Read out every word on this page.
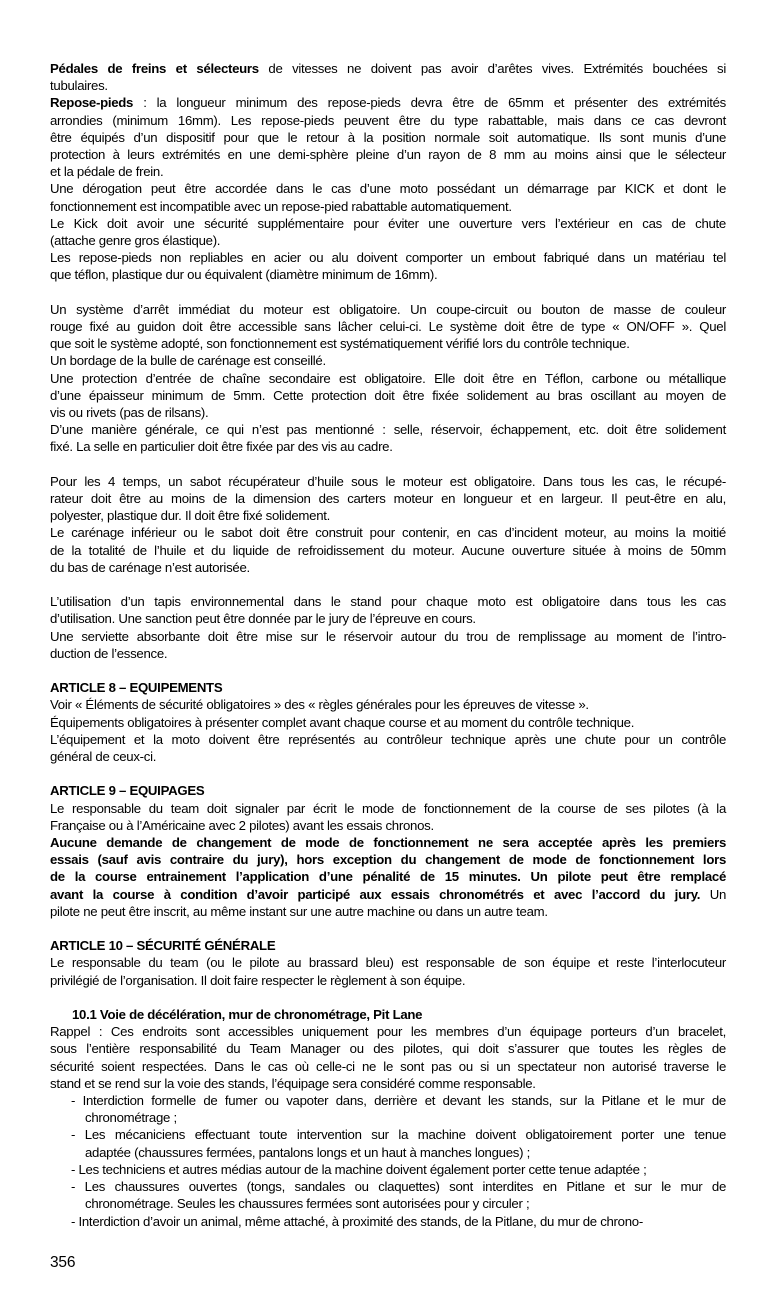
Pédales de freins et sélecteurs de vitesses ne doivent pas avoir d’arêtes vives. Extrémités bouchées si
tubulaires.
Repose-pieds : la longueur minimum des repose-pieds devra être de 65mm et présenter des extrémités
arrondies (minimum 16mm). Les repose-pieds peuvent être du type rabattable, mais dans ce cas devront
être équipés d’un dispositif pour que le retour à la position normale soit automatique. Ils sont munis d’une
protection à leurs extrémités en une demi-sphère pleine d’un rayon de 8 mm au moins ainsi que le sélecteur
et la pédale de frein.
Une dérogation peut être accordée dans le cas d’une moto possédant un démarrage par KICK et dont le
fonctionnement est incompatible avec un repose-pied rabattable automatiquement.
Le Kick doit avoir une sécurité supplémentaire pour éviter une ouverture vers l’extérieur en cas de chute
(attache genre gros élastique).
Les repose-pieds non repliables en acier ou alu doivent comporter un embout fabriqué dans un matériau tel
que téflon, plastique dur ou équivalent (diamètre minimum de 16mm).
Un système d’arrêt immédiat du moteur est obligatoire. Un coupe-circuit ou bouton de masse de couleur
rouge fixé au guidon doit être accessible sans lâcher celui-ci. Le système doit être de type « ON/OFF ». Quel
que soit le système adopté, son fonctionnement est systématiquement vérifié lors du contrôle technique.
Un bordage de la bulle de carénage est conseillé.
Une protection d’entrée de chaîne secondaire est obligatoire. Elle doit être en Téflon, carbone ou métallique
d’une épaisseur minimum de 5mm. Cette protection doit être fixée solidement au bras oscillant au moyen de
vis ou rivets (pas de rilsans).
D’une manière générale, ce qui n’est pas mentionné : selle, réservoir, échappement, etc. doit être solidement
fixé. La selle en particulier doit être fixée par des vis au cadre.
Pour les 4 temps, un sabot récupérateur d’huile sous le moteur est obligatoire. Dans tous les cas, le récupé-
rateur doit être au moins de la dimension des carters moteur en longueur et en largeur. Il peut-être en alu,
polyester, plastique dur. Il doit être fixé solidement.
Le carénage inférieur ou le sabot doit être construit pour contenir, en cas d’incident moteur, au moins la moitié
de la totalité de l’huile et du liquide de refroidissement du moteur. Aucune ouverture située à moins de 50mm
du bas de carénage n’est autorisée.
L’utilisation d’un tapis environnemental dans le stand pour chaque moto est obligatoire dans tous les cas
d’utilisation. Une sanction peut être donnée par le jury de l’épreuve en cours.
Une serviette absorbante doit être mise sur le réservoir autour du trou de remplissage au moment de l’intro-
duction de l’essence.
ARTICLE 8 – EQUIPEMENTS
Voir « Éléments de sécurité obligatoires » des « règles générales pour les épreuves de vitesse ».
Équipements obligatoires à présenter complet avant chaque course et au moment du contrôle technique.
L’équipement et la moto doivent être représentés au contrôleur technique après une chute pour un contrôle
général de ceux-ci.
ARTICLE 9 – EQUIPAGES
Le responsable du team doit signaler par écrit le mode de fonctionnement de la course de ses pilotes (à la
Française ou à l’Américaine avec 2 pilotes) avant les essais chronos.
Aucune demande de changement de mode de fonctionnement ne sera acceptée après les premiers
essais (sauf avis contraire du jury), hors exception du changement de mode de fonctionnement lors
de la course entrainement l’application d’une pénalité de 15 minutes. Un pilote peut être remplacé
avant la course à condition d’avoir participé aux essais chronométrés et avec l’accord du jury. Un
pilote ne peut être inscrit, au même instant sur une autre machine ou dans un autre team.
ARTICLE 10 – SÉCURITÉ GÉNÉRALE
Le responsable du team (ou le pilote au brassard bleu) est responsable de son équipe et reste l’interlocuteur
privilégié de l’organisation. Il doit faire respecter le règlement à son équipe.
10.1 Voie de décélération, mur de chronométrage, Pit Lane
Rappel : Ces endroits sont accessibles uniquement pour les membres d’un équipage porteurs d’un bracelet,
sous l’entière responsabilité du Team Manager ou des pilotes, qui doit s’assurer que toutes les règles de
sécurité soient respectées. Dans le cas où celle-ci ne le sont pas ou si un spectateur non autorisé traverse le
stand et se rend sur la voie des stands, l’équipage sera considéré comme responsable.
- Interdiction formelle de fumer ou vapoter dans, derrière et devant les stands, sur la Pitlane et le mur de
chronométrage ;
- Les mécaniciens effectuant toute intervention sur la machine doivent obligatoirement porter une tenue
adaptée (chaussures fermées, pantalons longs et un haut à manches longues) ;
- Les techniciens et autres médias autour de la machine doivent également porter cette tenue adaptée ;
- Les chaussures ouvertes (tongs, sandales ou claquettes) sont interdites en Pitlane et sur le mur de
chronométrage. Seules les chaussures fermées sont autorisées pour y circuler ;
- Interdiction d’avoir un animal, même attaché, à proximité des stands, de la Pitlane, du mur de chrono-
356
